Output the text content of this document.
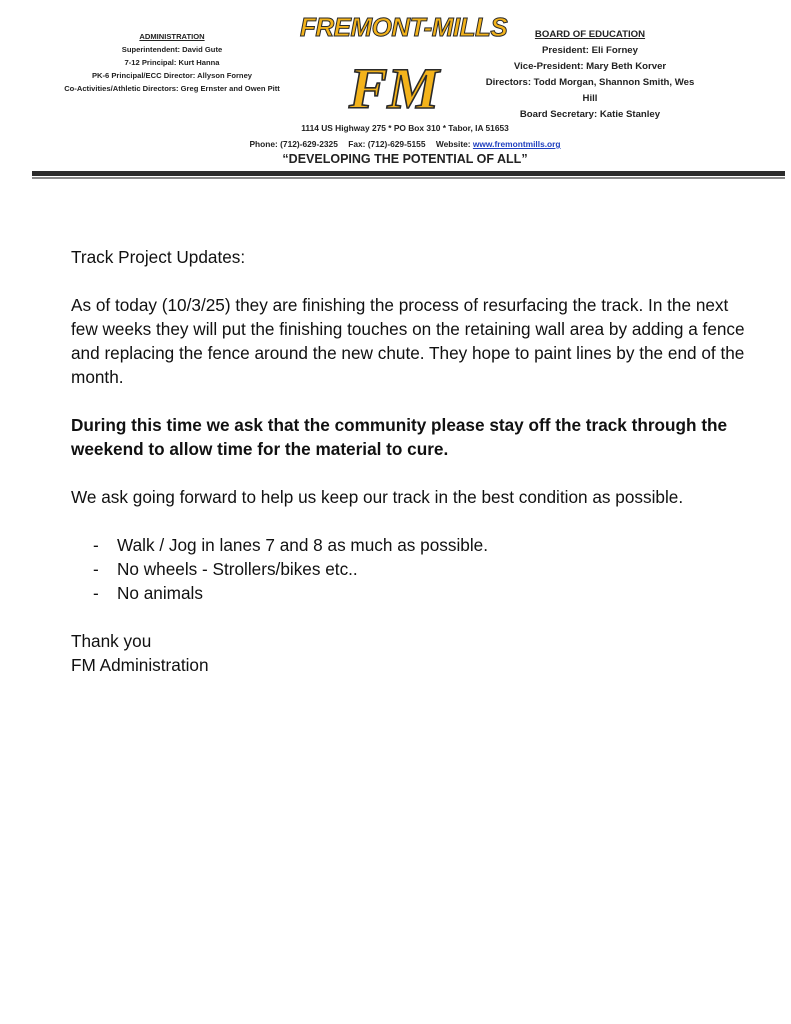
ADMINISTRATION
Superintendent: David Gute
7-12 Principal: Kurt Hanna
PK-6 Principal/ECC Director: Allyson Forney
Co-Activities/Athletic Directors: Greg Ernster and Owen Pitt
FREMONT-MILLS
FM
BOARD OF EDUCATION
President: Eli Forney
Vice-President: Mary Beth Korver
Directors: Todd Morgan, Shannon Smith, Wes Hill
Board Secretary: Katie Stanley
1114 US Highway 275 * PO Box 310 * Tabor, IA 51653
Phone: (712)-629-2325 Fax: (712)-629-5155 Website: www.fremontmills.org
“DEVELOPING THE POTENTIAL OF ALL”

Track Project Updates:

As of today (10/3/25) they are finishing the process of resurfacing the track. In the next few weeks they will put the finishing touches on the retaining wall area by adding a fence and replacing the fence around the new chute. They hope to paint lines by the end of the month.

During this time we ask that the community please stay off the track through the weekend to allow time for the material to cure.

We ask going forward to help us keep our track in the best condition as possible.

- Walk / Jog in lanes 7 and 8 as much as possible.
- No wheels - Strollers/bikes etc..
- No animals

Thank you

FM Administration
